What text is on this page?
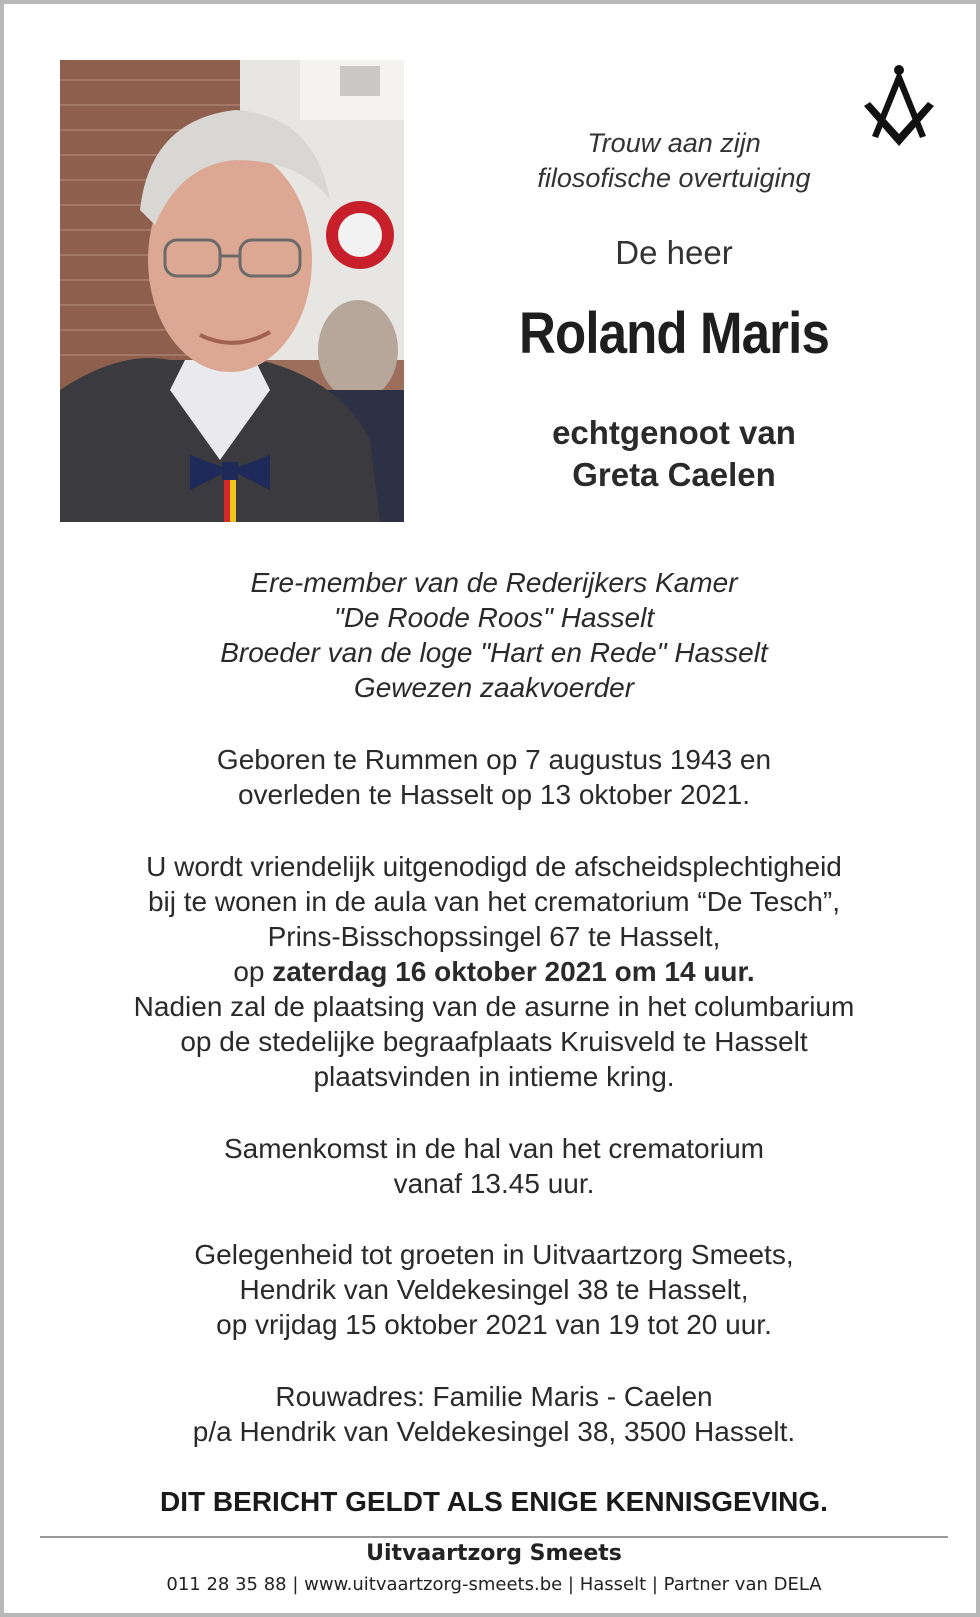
Trouw aan zijn
filosofische overtuiging
De heer
Roland Maris
echtgenoot van
Greta Caelen
Ere-member van de Rederijkers Kamer
"De Roode Roos" Hasselt
Broeder van de loge "Hart en Rede" Hasselt
Gewezen zaakvoerder
Geboren te Rummen op 7 augustus 1943 en
overleden te Hasselt op 13 oktober 2021.
U wordt vriendelijk uitgenodigd de afscheidsplechtigheid
bij te wonen in de aula van het crematorium “De Tesch”,
Prins-Bisschopssingel 67 te Hasselt,
op zaterdag 16 oktober 2021 om 14 uur.
Nadien zal de plaatsing van de asurne in het columbarium
op de stedelijke begraafplaats Kruisveld te Hasselt
plaatsvinden in intieme kring.
Samenkomst in de hal van het crematorium
vanaf 13.45 uur.
Gelegenheid tot groeten in Uitvaartzorg Smeets,
Hendrik van Veldekesingel 38 te Hasselt,
op vrijdag 15 oktober 2021 van 19 tot 20 uur.
Rouwadres: Familie Maris - Caelen
p/a Hendrik van Veldekesingel 38, 3500 Hasselt.
DIT BERICHT GELDT ALS ENIGE KENNISGEVING.
Uitvaartzorg Smeets
011 28 35 88 | www.uitvaartzorg-smeets.be | Hasselt | Partner van DELA
